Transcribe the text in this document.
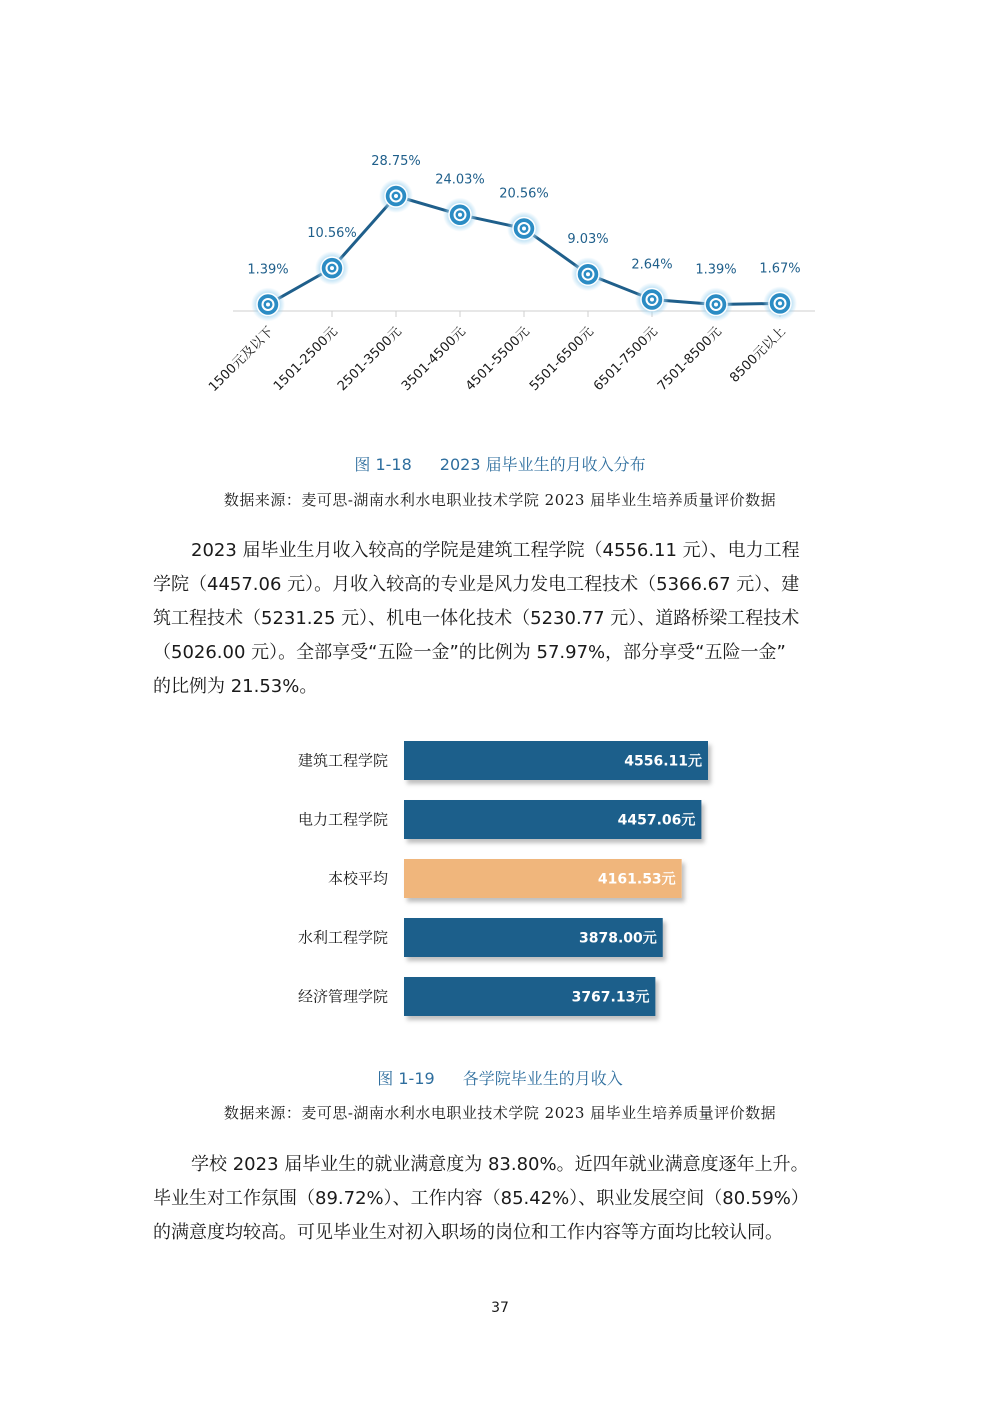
1.39%
10.56%
28.75%
24.03%
20.56%
9.03%
2.64% 1.39% 1.67%
1500元及以下
1501-2500元
2501-3500元
3501-4500元
4501-5500元
5501-6500元
6501-7500元
7501-8500元 8500元以上
图 1-18 2023 届毕业生的月收入分布
数据来源：麦可思-湖南水利水电职业技术学院 2023 届毕业生培养质量评价数据
2023 届毕业生月收入较高的学院是建筑工程学院（4556.11 元）、电力工程
学院（4457.06 元）。月收入较高的专业是风力发电工程技术（5366.67 元）、建
筑工程技术（5231.25 元）、机电一体化技术（5230.77 元）、道路桥梁工程技术
（5026.00 元）。全部享受“五险一金”的比例为 57.97%，部分享受“五险一金”
的比例为 21.53%。
建筑工程学院	4556.11元
电力工程学院	4457.06元
本校平均	4161.53元
水利工程学院	3878.00元
经济管理学院	3767.13元
图 1-19 各学院毕业生的月收入
数据来源：麦可思-湖南水利水电职业技术学院 2023 届毕业生培养质量评价数据
学校 2023 届毕业生的就业满意度为 83.80%。近四年就业满意度逐年上升。
毕业生对工作氛围（89.72%）、工作内容（85.42%）、职业发展空间（80.59%）
的满意度均较高。可见毕业生对初入职场的岗位和工作内容等方面均比较认同。
37
